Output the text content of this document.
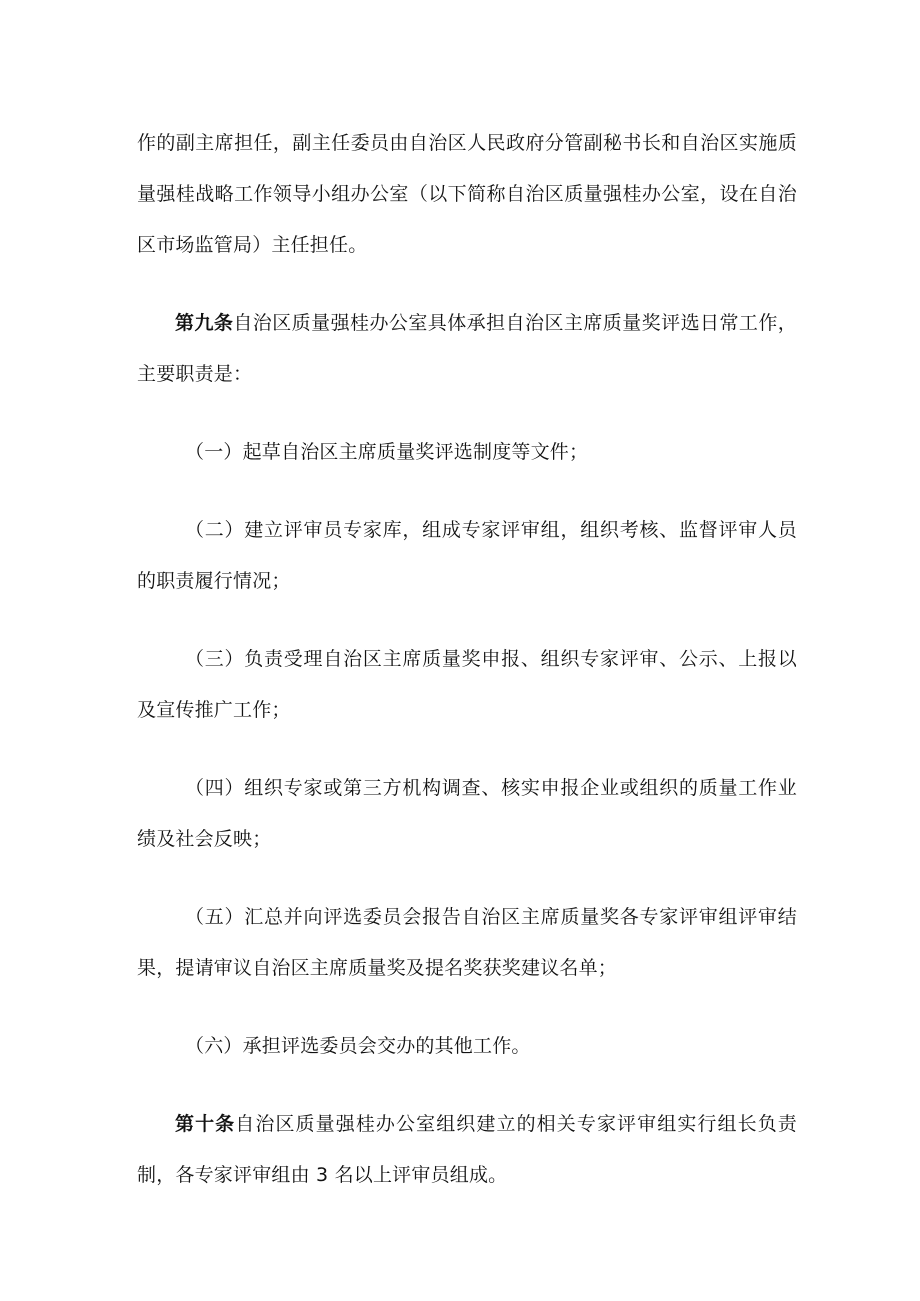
作的副主席担任，副主任委员由自治区人民政府分管副秘书长和自治区实施质量强桂战略工作领导小组办公室（以下简称自治区质量强桂办公室，设在自治区市场监管局）主任担任。

第九条自治区质量强桂办公室具体承担自治区主席质量奖评选日常工作，主要职责是：

（一）起草自治区主席质量奖评选制度等文件；

（二）建立评审员专家库，组成专家评审组，组织考核、监督评审人员的职责履行情况；

（三）负责受理自治区主席质量奖申报、组织专家评审、公示、上报以及宣传推广工作；

（四）组织专家或第三方机构调查、核实申报企业或组织的质量工作业绩及社会反映；

（五）汇总并向评选委员会报告自治区主席质量奖各专家评审组评审结果，提请审议自治区主席质量奖及提名奖获奖建议名单；

（六）承担评选委员会交办的其他工作。

第十条自治区质量强桂办公室组织建立的相关专家评审组实行组长负责制，各专家评审组由 3 名以上评审员组成。
